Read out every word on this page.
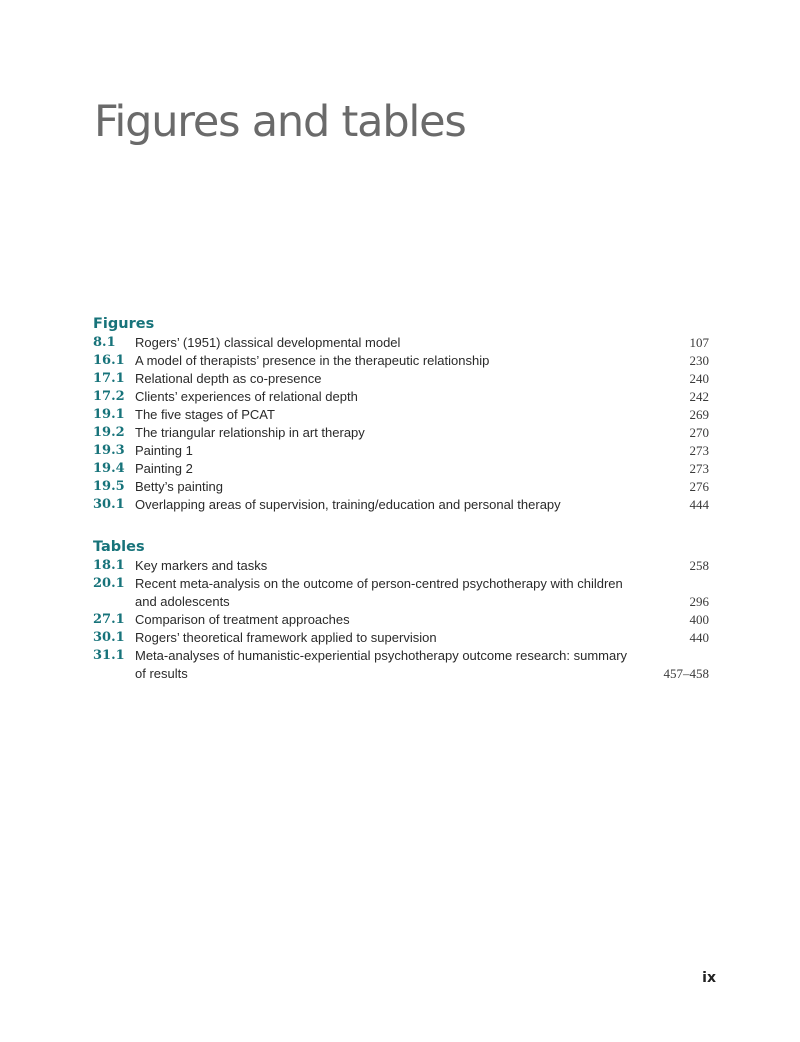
Figures and tables
Figures
8.1	Rogers’ (1951) classical developmental model	107
16.1 A model of therapists’ presence in the therapeutic relationship	230
17.1 Relational depth as co-presence	240
17.2 Clients’ experiences of relational depth	242
19.1 The five stages of PCAT	269
19.2 The triangular relationship in art therapy	270
19.3 Painting 1	273
19.4 Painting 2	273
19.5 Betty’s painting	276
30.1 Overlapping areas of supervision, training/education and personal therapy	444
Tables
18.1 Key markers and tasks	258
20.1 Recent meta-analysis on the outcome of person-centred psychotherapy with children and adolescents	296
27.1 Comparison of treatment approaches	400
30.1 Rogers’ theoretical framework applied to supervision	440
31.1 Meta-analyses of humanistic-experiential psychotherapy outcome research: summary of results	457–458
ix
